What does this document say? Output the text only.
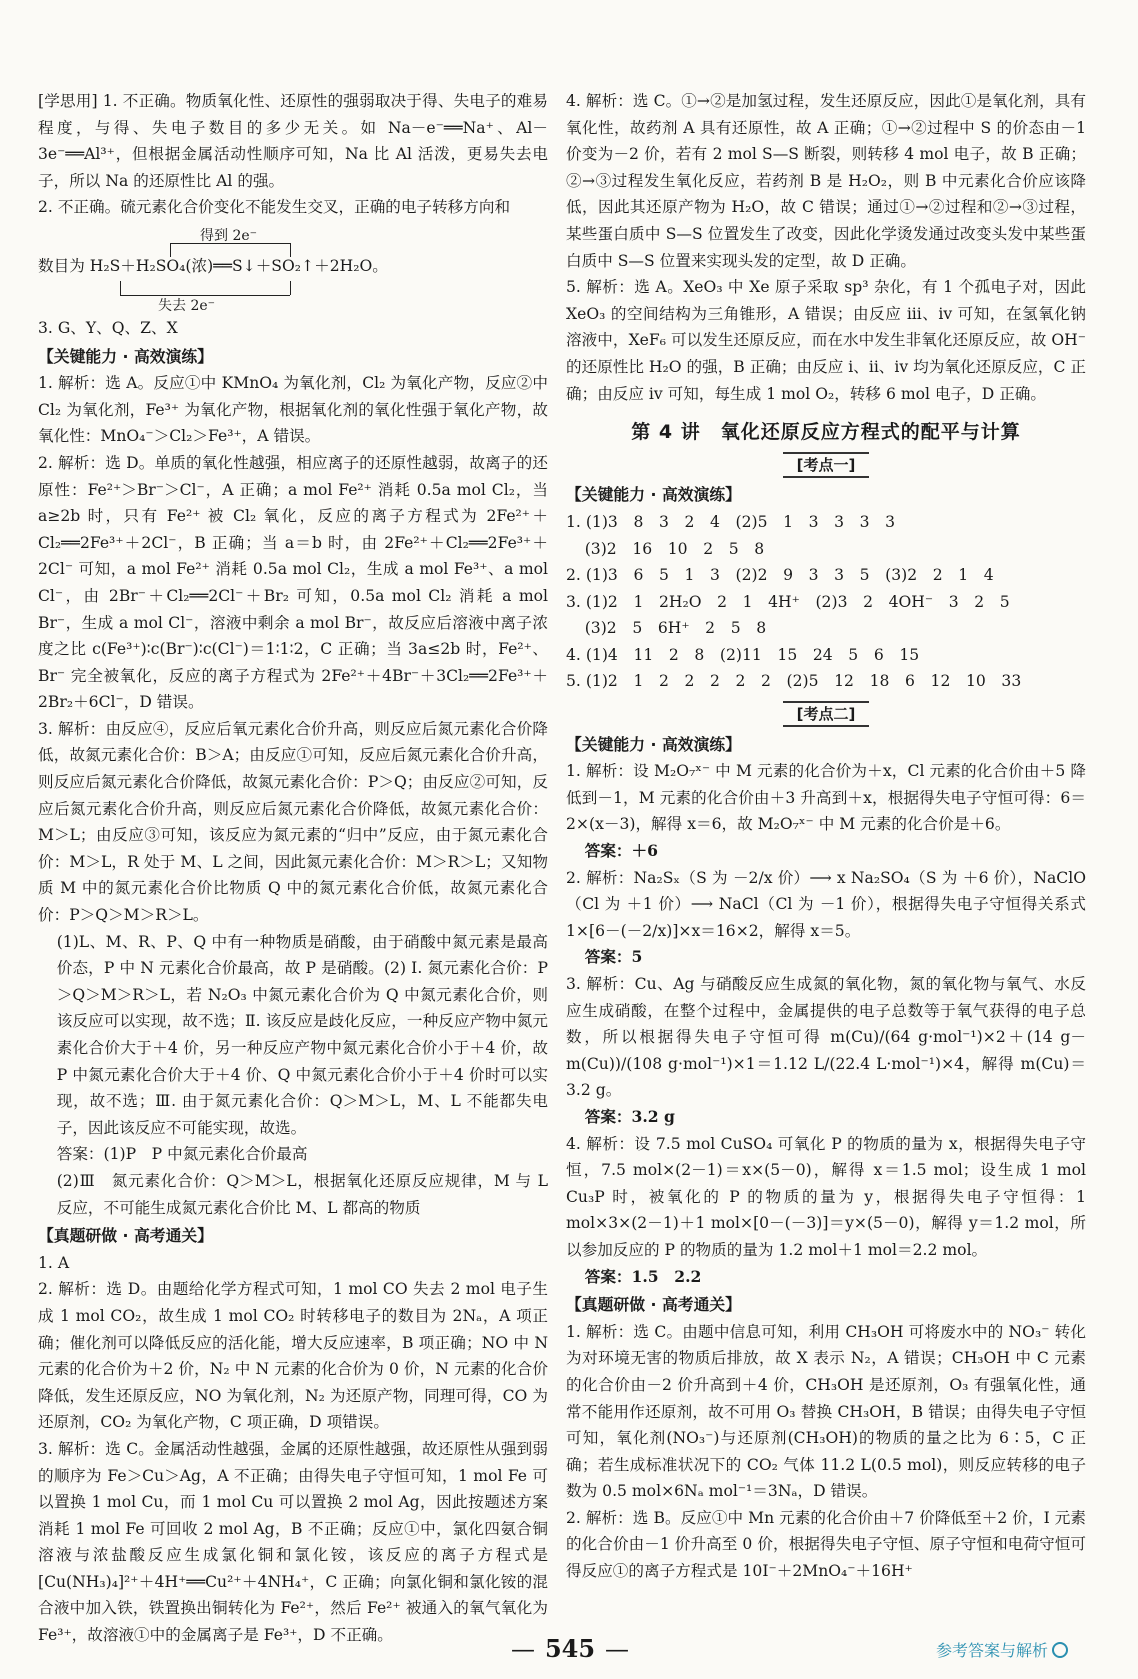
[学思用] 1. 不正确。物质氧化性、还原性的强弱取决于得、失电子的难易程度，与得、失电子数目的多少无关。如 Na－e⁻══Na⁺、Al－3e⁻══Al³⁺，但根据金属活动性顺序可知，Na 比 Al 活泼，更易失去电子，所以 Na 的还原性比 Al 的强。

2. 不正确。硫元素化合价变化不能发生交叉，正确的电子转移方向和

得到 2e⁻
数目为 H₂S＋H₂SO₄(浓)══S↓＋SO₂↑＋2H₂O。
失去 2e⁻

3. G、Y、Q、Z、X

【关键能力 · 高效演练】

1. 解析：选 A。反应①中 KMnO₄ 为氧化剂，Cl₂ 为氧化产物，反应②中 Cl₂ 为氧化剂，Fe³⁺ 为氧化产物，根据氧化剂的氧化性强于氧化产物，故氧化性：MnO₄⁻＞Cl₂＞Fe³⁺，A 错误。

2. 解析：选 D。单质的氧化性越强，相应离子的还原性越弱，故离子的还原性：Fe²⁺＞Br⁻＞Cl⁻，A 正确；a mol Fe²⁺ 消耗 0.5a mol Cl₂，当 a≥2b 时，只有 Fe²⁺ 被 Cl₂ 氧化，反应的离子方程式为 2Fe²⁺＋Cl₂══2Fe³⁺＋2Cl⁻，B 正确；当 a＝b 时，由 2Fe²⁺＋Cl₂══2Fe³⁺＋2Cl⁻ 可知，a mol Fe²⁺ 消耗 0.5a mol Cl₂，生成 a mol Fe³⁺、a mol Cl⁻，由 2Br⁻＋Cl₂══2Cl⁻＋Br₂ 可知，0.5a mol Cl₂ 消耗 a mol Br⁻，生成 a mol Cl⁻，溶液中剩余 a mol Br⁻，故反应后溶液中离子浓度之比 c(Fe³⁺)∶c(Br⁻)∶c(Cl⁻)＝1∶1∶2，C 正确；当 3a≤2b 时，Fe²⁺、Br⁻ 完全被氧化，反应的离子方程式为 2Fe²⁺＋4Br⁻＋3Cl₂══2Fe³⁺＋2Br₂＋6Cl⁻，D 错误。

3. 解析：由反应④，反应后氧元素化合价升高，则反应后氮元素化合价降低，故氮元素化合价：B＞A；由反应①可知，反应后氮元素化合价升高，则反应后氮元素化合价降低，故氮元素化合价：P＞Q；由反应②可知，反应后氮元素化合价升高，则反应后氮元素化合价降低，故氮元素化合价：M＞L；由反应③可知，该反应为氮元素的“归中”反应，由于氮元素化合价：M＞L，R 处于 M、L 之间，因此氮元素化合价：M＞R＞L；又知物质 M 中的氮元素化合价比物质 Q 中的氮元素化合价低，故氮元素化合价：P＞Q＞M＞R＞L。

(1)L、M、R、P、Q 中有一种物质是硝酸，由于硝酸中氮元素是最高价态，P 中 N 元素化合价最高，故 P 是硝酸。(2) Ⅰ. 氮元素化合价：P＞Q＞M＞R＞L，若 N₂O₃ 中氮元素化合价为 Q 中氮元素化合价，则该反应可以实现，故不选；Ⅱ. 该反应是歧化反应，一种反应产物中氮元素化合价大于＋4 价，另一种反应产物中氮元素化合价小于＋4 价，故 P 中氮元素化合价大于＋4 价、Q 中氮元素化合价小于＋4 价时可以实现，故不选；Ⅲ. 由于氮元素化合价：Q＞M＞L，M、L 不能都失电子，因此该反应不可能实现，故选。

答案：(1)P　P 中氮元素化合价最高

(2)Ⅲ　氮元素化合价：Q＞M＞L，根据氧化还原反应规律，M 与 L 反应，不可能生成氮元素化合价比 M、L 都高的物质

【真题研做 · 高考通关】

1. A

2. 解析：选 D。由题给化学方程式可知，1 mol CO 失去 2 mol 电子生成 1 mol CO₂，故生成 1 mol CO₂ 时转移电子的数目为 2Nₐ，A 项正确；催化剂可以降低反应的活化能，增大反应速率，B 项正确；NO 中 N 元素的化合价为＋2 价，N₂ 中 N 元素的化合价为 0 价，N 元素的化合价降低，发生还原反应，NO 为氧化剂，N₂ 为还原产物，同理可得，CO 为还原剂，CO₂ 为氧化产物，C 项正确，D 项错误。

3. 解析：选 C。金属活动性越强，金属的还原性越强，故还原性从强到弱的顺序为 Fe＞Cu＞Ag，A 不正确；由得失电子守恒可知，1 mol Fe 可以置换 1 mol Cu，而 1 mol Cu 可以置换 2 mol Ag，因此按题述方案消耗 1 mol Fe 可回收 2 mol Ag，B 不正确；反应①中，氯化四氨合铜溶液与浓盐酸反应生成氯化铜和氯化铵，该反应的离子方程式是 [Cu(NH₃)₄]²⁺＋4H⁺══Cu²⁺＋4NH₄⁺，C 正确；向氯化铜和氯化铵的混合液中加入铁，铁置换出铜转化为 Fe²⁺，然后 Fe²⁺ 被通入的氧气氧化为 Fe³⁺，故溶液①中的金属离子是 Fe³⁺，D 不正确。

4. 解析：选 C。①→②是加氢过程，发生还原反应，因此①是氧化剂，具有氧化性，故药剂 A 具有还原性，故 A 正确；①→②过程中 S 的价态由－1 价变为－2 价，若有 2 mol S—S 断裂，则转移 4 mol 电子，故 B 正确；②→③过程发生氧化反应，若药剂 B 是 H₂O₂，则 B 中元素化合价应该降低，因此其还原产物为 H₂O，故 C 错误；通过①→②过程和②→③过程，某些蛋白质中 S—S 位置发生了改变，因此化学烫发通过改变头发中某些蛋白质中 S—S 位置来实现头发的定型，故 D 正确。

5. 解析：选 A。XeO₃ 中 Xe 原子采取 sp³ 杂化，有 1 个孤电子对，因此 XeO₃ 的空间结构为三角锥形，A 错误；由反应 iii、iv 可知，在氢氧化钠溶液中，XeF₆ 可以发生还原反应，而在水中发生非氧化还原反应，故 OH⁻ 的还原性比 H₂O 的强，B 正确；由反应 i、ii、iv 均为氧化还原反应，C 正确；由反应 iv 可知，每生成 1 mol O₂，转移 6 mol 电子，D 正确。

第 4 讲　氧化还原反应方程式的配平与计算

[考点一]

【关键能力 · 高效演练】

1. (1)3　8　3　2　4　(2)5　1　3　3　3　3

(3)2　16　10　2　5　8

2. (1)3　6　5　1　3　(2)2　9　3　3　5　(3)2　2　1　4

3. (1)2　1　2H₂O　2　1　4H⁺　(2)3　2　4OH⁻　3　2　5

(3)2　5　6H⁺　2　5　8

4. (1)4　11　2　8　(2)11　15　24　5　6　15

5. (1)2　1　2　2　2　2　2　(2)5　12　18　6　12　10　33

[考点二]

【关键能力 · 高效演练】

1. 解析：设 M₂O₇ˣ⁻ 中 M 元素的化合价为＋x，Cl 元素的化合价由＋5 降低到－1，M 元素的化合价由＋3 升高到＋x，根据得失电子守恒可得：6＝2×(x－3)，解得 x＝6，故 M₂O₇ˣ⁻ 中 M 元素的化合价是＋6。

答案：＋6

2. 解析：Na₂Sₓ（S 为 －2/x 价）⟶ x Na₂SO₄（S 为 ＋6 价），NaClO（Cl 为 ＋1 价）⟶ NaCl（Cl 为 －1 价），根据得失电子守恒得关系式 1×[6－(－2/x)]×x＝16×2，解得 x＝5。

答案：5

3. 解析：Cu、Ag 与硝酸反应生成氮的氧化物，氮的氧化物与氧气、水反应生成硝酸，在整个过程中，金属提供的电子总数等于氧气获得的电子总数，所以根据得失电子守恒可得 m(Cu)/(64 g·mol⁻¹)×2＋(14 g－m(Cu))/(108 g·mol⁻¹)×1＝1.12 L/(22.4 L·mol⁻¹)×4，解得 m(Cu)＝3.2 g。

答案：3.2 g

4. 解析：设 7.5 mol CuSO₄ 可氧化 P 的物质的量为 x，根据得失电子守恒，7.5 mol×(2－1)＝x×(5－0)，解得 x＝1.5 mol；设生成 1 mol Cu₃P 时，被氧化的 P 的物质的量为 y，根据得失电子守恒得：1 mol×3×(2－1)＋1 mol×[0－(－3)]＝y×(5－0)，解得 y＝1.2 mol，所以参加反应的 P 的物质的量为 1.2 mol＋1 mol＝2.2 mol。

答案：1.5　2.2

【真题研做 · 高考通关】

1. 解析：选 C。由题中信息可知，利用 CH₃OH 可将废水中的 NO₃⁻ 转化为对环境无害的物质后排放，故 X 表示 N₂，A 错误；CH₃OH 中 C 元素的化合价由－2 价升高到＋4 价，CH₃OH 是还原剂，O₃ 有强氧化性，通常不能用作还原剂，故不可用 O₃ 替换 CH₃OH，B 错误；由得失电子守恒可知，氧化剂(NO₃⁻)与还原剂(CH₃OH)的物质的量之比为 6∶5，C 正确；若生成标准状况下的 CO₂ 气体 11.2 L(0.5 mol)，则反应转移的电子数为 0.5 mol×6Nₐ mol⁻¹＝3Nₐ，D 错误。

2. 解析：选 B。反应①中 Mn 元素的化合价由＋7 价降低至＋2 价，I 元素的化合价由－1 价升高至 0 价，根据得失电子守恒、原子守恒和电荷守恒可得反应①的离子方程式是 10I⁻＋2MnO₄⁻＋16H⁺

— 545 —	参考答案与解析
